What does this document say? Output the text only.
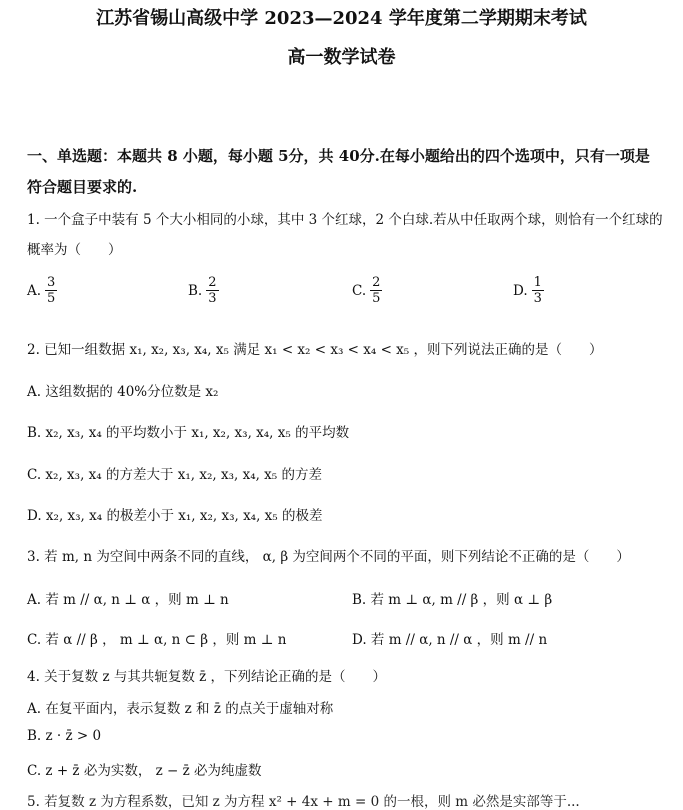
江苏省锡山高级中学 2023—2024 学年度第二学期期末考试
高一数学试卷
一、单选题：本题共 8 小题，每小题 5分，共 40分.在每小题给出的四个选项中，只有一项是
符合题目要求的.
1. 一个盒子中装有 5 个大小相同的小球，其中 3 个红球，2 个白球.若从中任取两个球，则恰有一个红球的
概率为（　　）
A. $\frac{3}{5}$	B. $\frac{2}{3}$	C. $\frac{2}{5}$	D. $\frac{1}{3}$
2. 已知一组数据 x₁, x₂, x₃, x₄, x₅ 满足 x₁ < x₂ < x₃ < x₄ < x₅ ，则下列说法正确的是（　　）
A. 这组数据的 40%分位数是 x₂
B. x₂, x₃, x₄ 的平均数小于 x₁, x₂, x₃, x₄, x₅ 的平均数
C. x₂, x₃, x₄ 的方差大于 x₁, x₂, x₃, x₄, x₅ 的方差
D. x₂, x₃, x₄ 的极差小于 x₁, x₂, x₃, x₄, x₅ 的极差
3. 若 m, n 为空间中两条不同的直线， α, β 为空间两个不同的平面，则下列结论不正确的是（　　）
A. 若 m // α, n ⊥ α ，则 m ⊥ n	B. 若 m ⊥ α, m // β ，则 α ⊥ β
C. 若 α // β ， m ⊥ α, n ⊂ β ，则 m ⊥ n	D. 若 m // α, n // α ，则 m // n
4. 关于复数 z 与其共轭复数 z̄ ，下列结论正确的是（　　）
A. 在复平面内，表示复数 z 和 z̄ 的点关于虚轴对称
B. z · z̄ > 0
C. z + z̄ 必为实数， z − z̄ 必为纯虚数
5. 若复数 z 为方程系数，已知 z 为方程 x² + 4x + m = 0 的一根，则 m 必然是实部等于...
